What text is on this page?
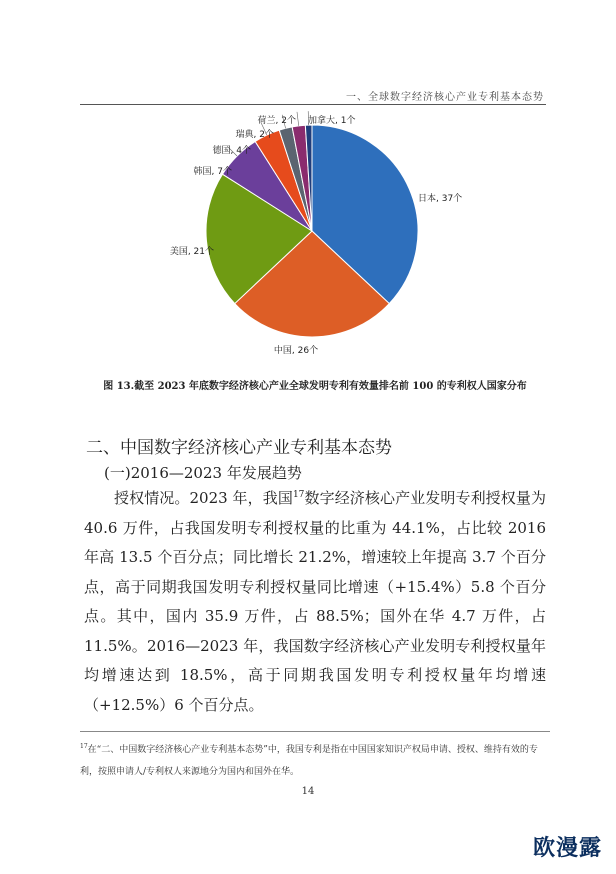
一、全球数字经济核心产业专利基本态势
日本, 37个
中国, 26个
美国, 21个
韩国, 7个
德国, 4个
瑞典, 2个
荷兰, 2个 加拿大, 1个
图 13.截至 2023 年底数字经济核心产业全球发明专利有效量排名前 100 的专利权人国家分布
二、中国数字经济核心产业专利基本态势
(一)2016—2023 年发展趋势
授权情况。2023 年，我国$^{17}$数字经济核心产业发明专利授权量为 40.6 万件，占我国发明专利授权量的比重为 44.1%，占比较 2016 年高 13.5 个百分点；同比增长 21.2%，增速较上年提高 3.7 个百分点，高于同期我国发明专利授权量同比增速（+15.4%）5.8 个百分点。其中，国内 35.9 万件，占 88.5%；国外在华 4.7 万件，占 11.5%。2016—2023 年，我国数字经济核心产业发明专利授权量年均增速达到 18.5%，高于同期我国发明专利授权量年均增速（+12.5%）6 个百分点。
$^{17}$在“二、中国数字经济核心产业专利基本态势”中，我国专利是指在中国国家知识产权局申请、授权、维持有效的专利，按照申请人/专利权人来源地分为国内和国外在华。
14
欧漫露
